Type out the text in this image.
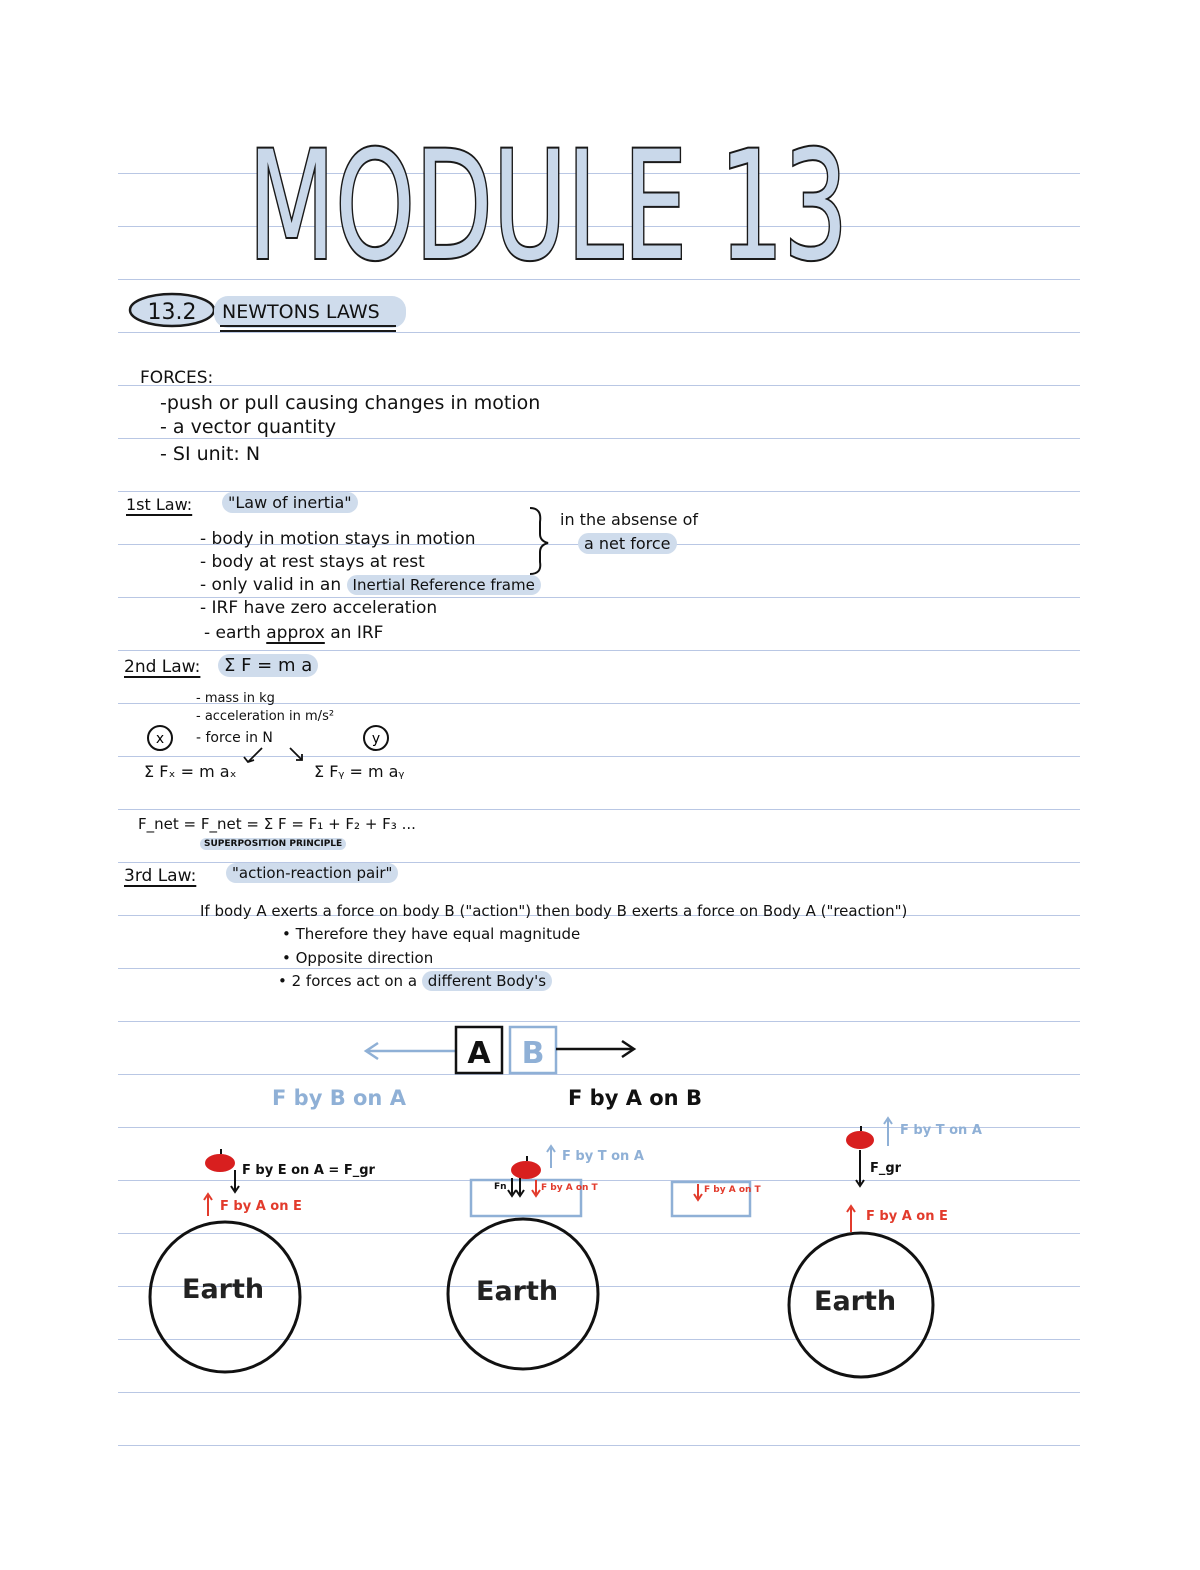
MODULE 13
13.2 NEWTONS LAWS
FORCES:
-push or pull causing changes in motion
- a vector quantity
- SI unit: N
1st Law:	"Law of inertia"
- body in motion stays in motion
- body at rest stays at rest
- only valid in an Inertial Reference frame
- IRF have zero acceleration
- earth approx an IRF
in the absense of
a net force
2nd Law:	Σ F = m a
- mass in kg
- acceleration in m/s²
- force in N
x	y
Σ Fₓ = m aₓ	Σ Fᵧ = m aᵧ
F_net = F_net = Σ F = F₁ + F₂ + F₃ ...
SUPERPOSITION PRINCIPLE
3rd Law:	"action-reaction pair"
If body A exerts a force on body B ("action") then body B exerts a force on Body A ("reaction")
• Therefore they have equal magnitude
• Opposite direction
• 2 forces act on a different Body's
A B
F by B on A	F by A on B
Earth
F by E on A = F_gr
F by A on E
Earth
F by T on A
Fn	F by A on T	F by A on T
Earth
F by T on A
F_gr
F by A on E
